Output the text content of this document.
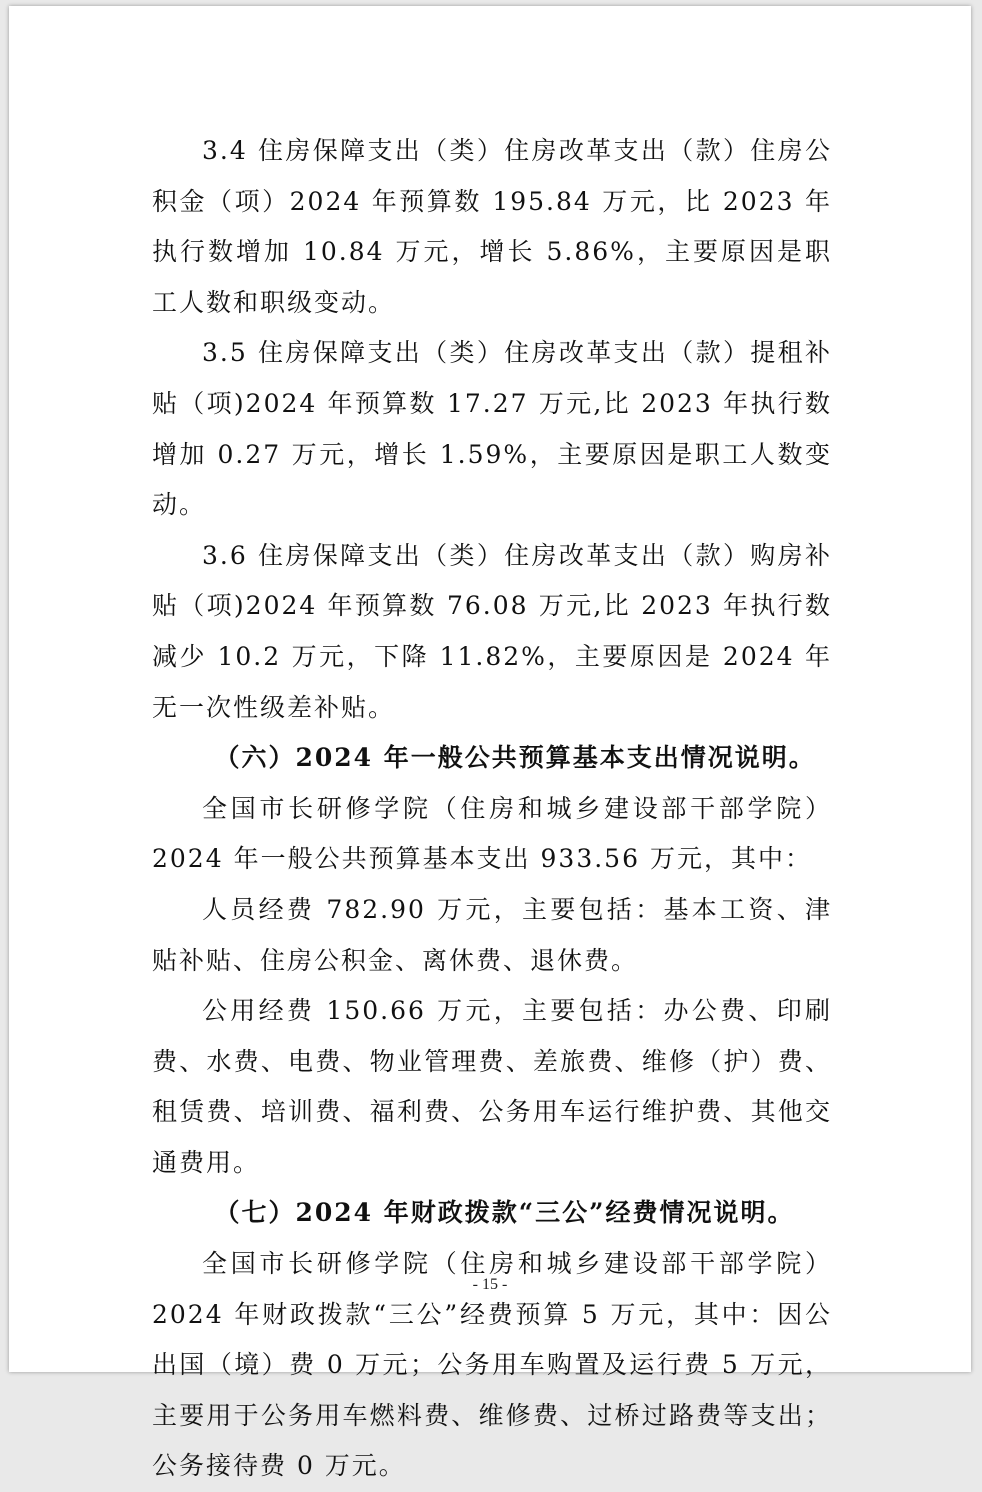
3.4 住房保障支出（类）住房改革支出（款）住房公积金（项）2024 年预算数 195.84 万元，比 2023 年执行数增加 10.84 万元，增长 5.86%，主要原因是职工人数和职级变动。

3.5 住房保障支出（类）住房改革支出（款）提租补贴（项)2024 年预算数 17.27 万元,比 2023 年执行数增加 0.27 万元，增长 1.59%，主要原因是职工人数变动。

3.6 住房保障支出（类）住房改革支出（款）购房补贴（项)2024 年预算数 76.08 万元,比 2023 年执行数减少 10.2 万元，下降 11.82%，主要原因是 2024 年无一次性级差补贴。

（六）2024 年一般公共预算基本支出情况说明。

全国市长研修学院（住房和城乡建设部干部学院）2024 年一般公共预算基本支出 933.56 万元，其中：

人员经费 782.90 万元，主要包括：基本工资、津贴补贴、住房公积金、离休费、退休费。

公用经费 150.66 万元，主要包括：办公费、印刷费、水费、电费、物业管理费、差旅费、维修（护）费、租赁费、培训费、福利费、公务用车运行维护费、其他交通费用。

（七）2024 年财政拨款“三公”经费情况说明。

全国市长研修学院（住房和城乡建设部干部学院）2024 年财政拨款“三公”经费预算 5 万元，其中：因公出国（境）费 0 万元；公务用车购置及运行费 5 万元，主要用于公务用车燃料费、维修费、过桥过路费等支出；公务接待费 0 万元。

- 15 -
